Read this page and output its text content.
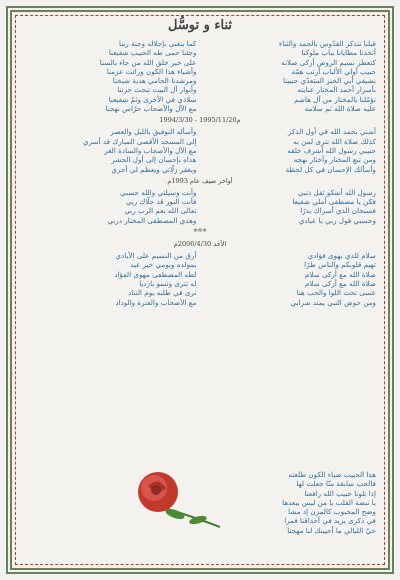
ثناء و توسُّل
قبلنا نتذكر القدّوس بالحمد والثناء
أتخذنا مطايانا بباب ملوكنا
كتعطر نسيم الروض أزكى صلاته
حبيب أولي الألباب أرتب همّة
بشيفي أبي الخير المتعدّي حبيبنا
بأسرار أحمد المختار عنايته
تؤمّلنا بالمختار من آل هاشم
عليه صلاة الله ثم سلامه
كما يتغنى بإجلاله وجنة ربنا
وجئنا حمى طه الحبيب شفيعنا
على خير خلق الله من جاء بالسنا
وأشياء هذا الكون ورائت عزمنا
ومرشدنا الحامي هدية شيخنا
وأنوار آل البيت تبحث حزننا
سلاذي في الأخرى وثمّ شفيعنا
مع الآل والأصحاب حرّاس نهجنا
1994/3/30 - 1995/11/20م
أشني بحمد الله في أول الذكر
كذلك صلاة الله تترى لمن به
حبيبي رسول الله أشرف خلقه
ومن تبع المختار وأختار نهجه
وأسألك الإحسان في كل لحظة
وأسأله التوفيق بالليل والعصر
إلى المسجد الأقصى المبارك قد أُسري
مع الآل والأصحاب والسادة الغر
هداه بإحسان إلى أول الحشر
ويغفر زلّاتي ويعظم لي أجري
أواخر صيف عام 1993م
رسول الله أشكو ثقل ذنبي
فكن يا مصطفى أملي شفيعا
فسبحان الذي أسراك بدرًا
وحسبي قول ربي يا عبادي
وأنت وسيلتي والله حسبي
فأنت النور قد جلّاك ربي
تعالى الله نعم الرب ربي
وهدي المصطفى المختار دربي
***
الأحد 2006/4/30م
سلام للذي يهوى فؤادي
تهيم قلوبكم والناس طرًا
صلاة الله مع أزكى سلام
صلاة الله مع أزكى سلام
عسى تحت اللوا والحب هنا
ومن حوض النبي يمتد شرابي
أرق من النسيم على الأيادي
بمولده ويومي خير عيد
لطه المصطفى مهوى الفؤاد
له تترى وتنمو بازديا
نرى في طلبه يوم التناد
مع الأصحاب والعترة والوداد
هذا الحبيب ضياء الكون طلعته
فالحب سابقة منّا جعلت لها
إذا تلونا حبيب الله رافعنا
يا نبضة القلب يا من ليس يبعدها
وضح المحبوب كالمزن إذ مشا
في ذكرى يزيد في أحداقنا قمرا
حيّ الليالي ما أحيينك لنا مهجنا
